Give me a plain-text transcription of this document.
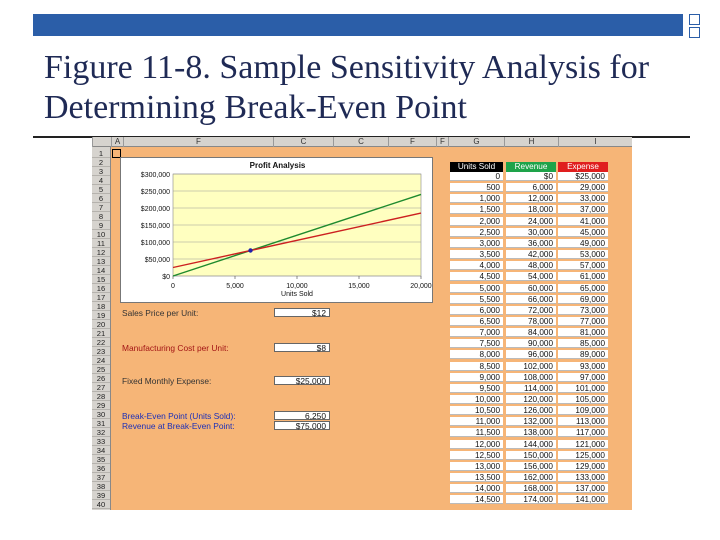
Figure 11-8. Sample Sensitivity Analysis for Determining Break-Even Point
A	F	C	C	F	F	G	H	I
1
2
3
4
5
6
7
8
9
10
11
12
13
14
15
16
17
18
19
20
21
22
23
24
25
26
27
28
29
30
31
32
33
34
35
36
37
38
39
40
$300,000
$250,000
$200,000
$150,000
$100,000
$50,000
$0
0	5,000	10,000	15,000	20,000
Units Sold
Profit Analysis
Sales Price per Unit:	$12
Manufacturing Cost per Unit:	$8
Fixed Monthly Expense:	$25,000
Break-Even Point (Units Sold):	6,250
Revenue at Break-Even Point:	$75,000
Units Sold	Revenue	Expense
0	$0	$25,000
500	6,000	29,000
1,000	12,000	33,000
1,500	18,000	37,000
2,000	24,000	41,000
2,500	30,000	45,000
3,000	36,000	49,000
3,500	42,000	53,000
4,000	48,000	57,000
4,500	54,000	61,000
5,000	60,000	65,000
5,500	66,000	69,000
6,000	72,000	73,000
6,500	78,000	77,000
7,000	84,000	81,000
7,500	90,000	85,000
8,000	96,000	89,000
8,500	102,000	93,000
9,000	108,000	97,000
9,500	114,000	101,000
10,000	120,000	105,000
10,500	126,000	109,000
11,000	132,000	113,000
11,500	138,000	117,000
12,000	144,000	121,000
12,500	150,000	125,000
13,000	156,000	129,000
13,500	162,000	133,000
14,000	168,000	137,000
14,500	174,000	141,000
